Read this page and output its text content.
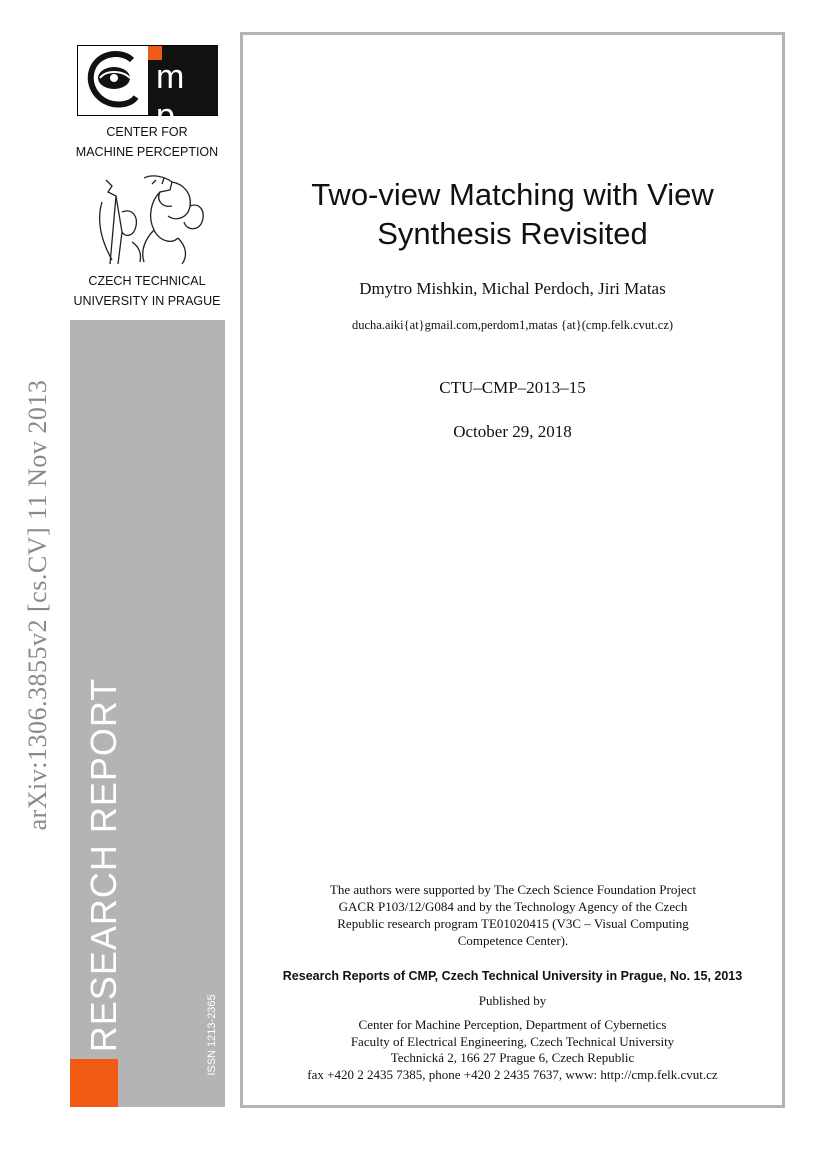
arXiv:1306.3855v2 [cs.CV] 11 Nov 2013
m p
CENTER FOR
MACHINE PERCEPTION
CZECH TECHNICAL
UNIVERSITY IN PRAGUE
RESEARCH REPORT	ISSN 1213-2365
Two-view Matching with View
Synthesis Revisited
Dmytro Mishkin, Michal Perdoch, Jiri Matas
ducha.aiki{at}gmail.com,perdom1,matas {at}(cmp.felk.cvut.cz)
CTU–CMP–2013–15
October 29, 2018
The authors were supported by The Czech Science Foundation Project
GACR P103/12/G084 and by the Technology Agency of the Czech
Republic research program TE01020415 (V3C – Visual Computing
Competence Center).
Research Reports of CMP, Czech Technical University in Prague, No. 15, 2013
Published by
Center for Machine Perception, Department of Cybernetics
Faculty of Electrical Engineering, Czech Technical University
Technická 2, 166 27 Prague 6, Czech Republic
fax +420 2 2435 7385, phone +420 2 2435 7637, www: http://cmp.felk.cvut.cz
